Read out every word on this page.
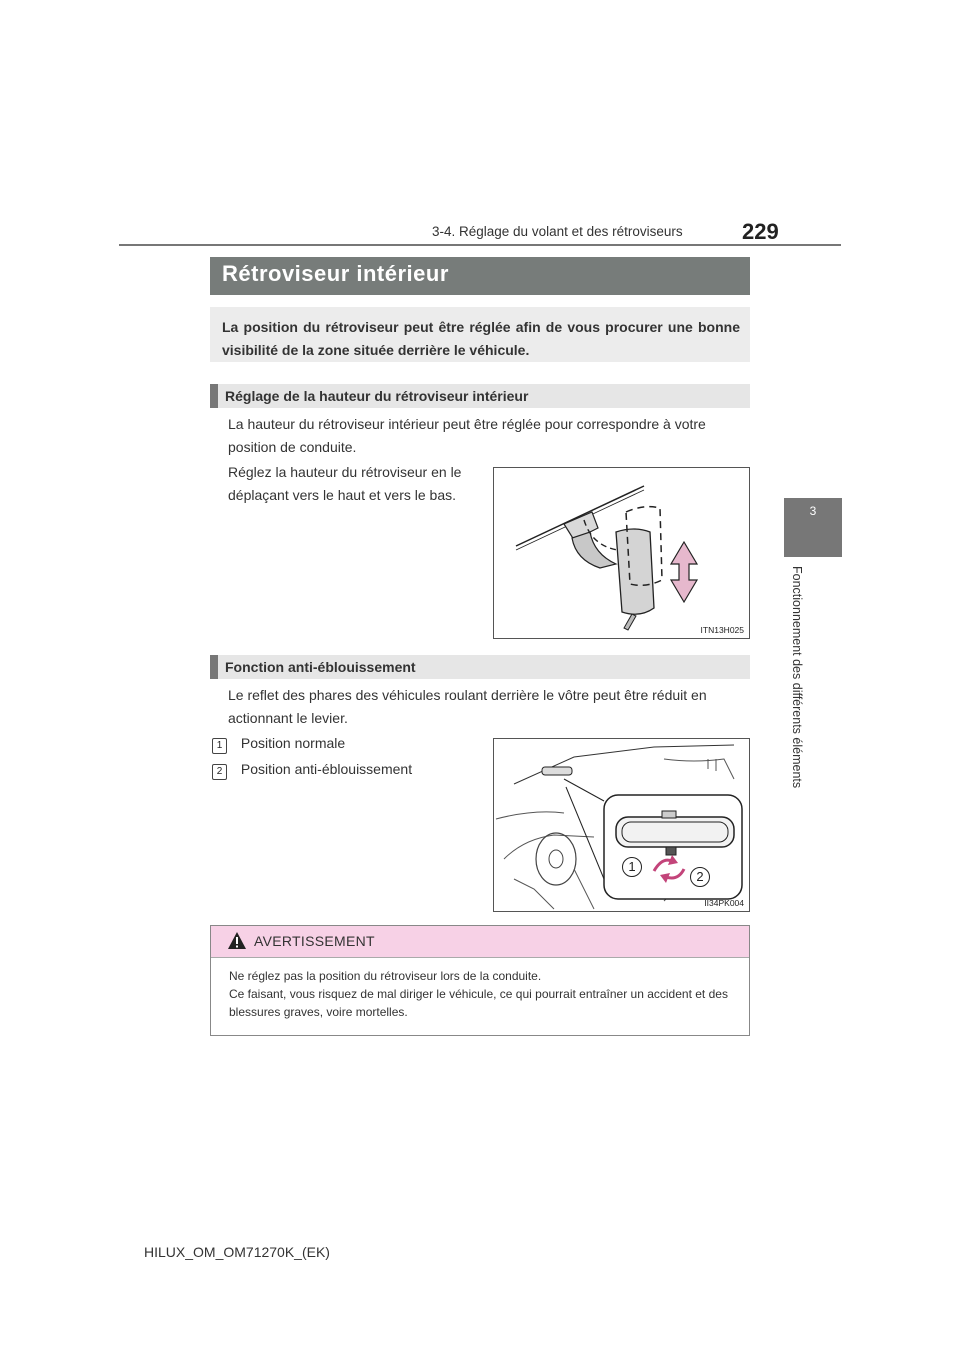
3-4. Réglage du volant et des rétroviseurs	229
3
Fonctionnement des différents éléments
Rétroviseur intérieur
La position du rétroviseur peut être réglée afin de vous procurer une bonne visibilité de la zone située derrière le véhicule.
Réglage de la hauteur du rétroviseur intérieur
La hauteur du rétroviseur intérieur peut être réglée pour correspondre à votre position de conduite.
Réglez la hauteur du rétroviseur en le déplaçant vers le haut et vers le bas.
ITN13H025
Fonction anti-éblouissement
Le reflet des phares des véhicules roulant derrière le vôtre peut être réduit en actionnant le levier.
1 Position normale
2 Position anti-éblouissement
1
2
II34PK004
AVERTISSEMENT
Ne réglez pas la position du rétroviseur lors de la conduite.
Ce faisant, vous risquez de mal diriger le véhicule, ce qui pourrait entraîner un accident et des blessures graves, voire mortelles.
HILUX_OM_OM71270K_(EK)
